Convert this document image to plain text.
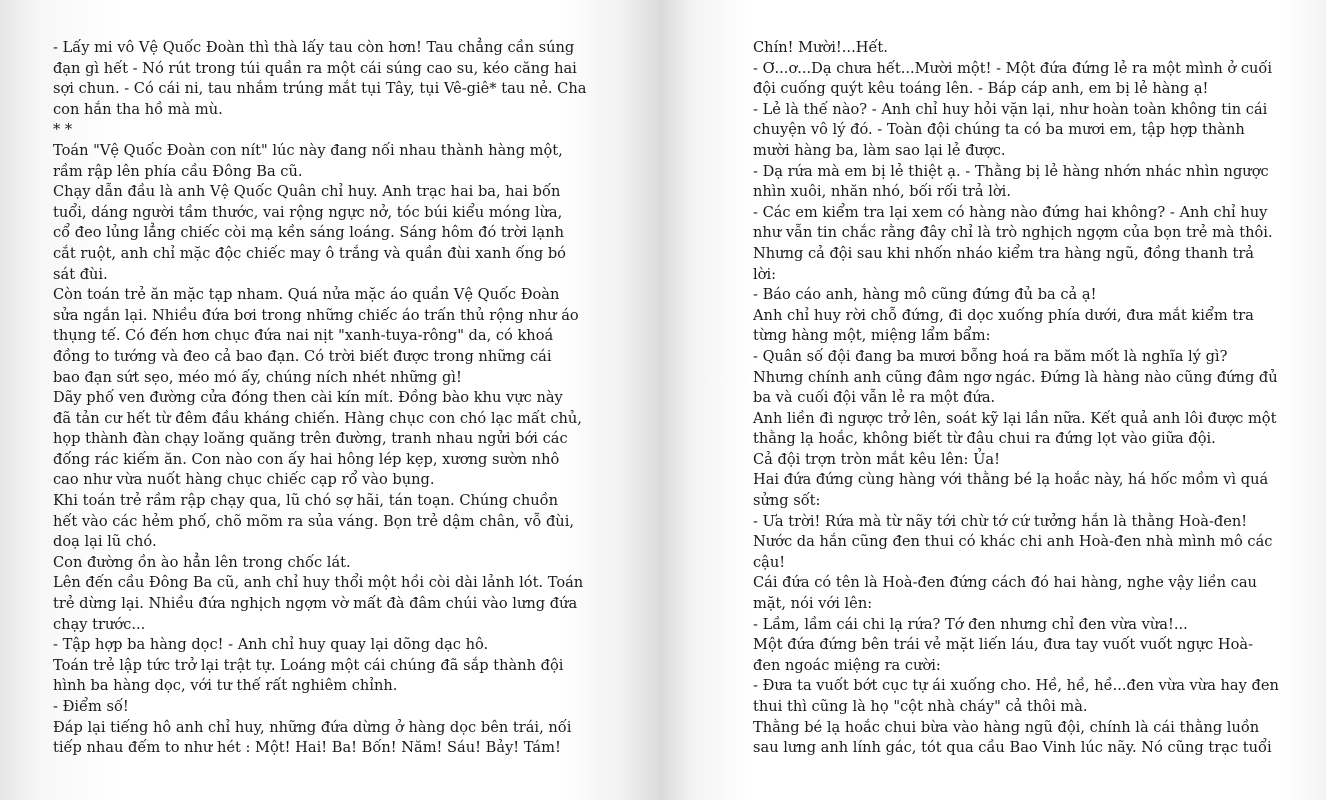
- Lấy mi vô Vệ Quốc Đoàn thì thà lấy tau còn hơn! Tau chẳng cần súng
đạn gì hết - Nó rút trong túi quần ra một cái súng cao su, kéo căng hai
sợi chun. - Có cái ni, tau nhắm trúng mắt tụi Tây, tụi Vê-giê* tau nẻ. Cha
con hắn tha hồ mà mù.
* *
Toán "Vệ Quốc Đoàn con nít" lúc này đang nối nhau thành hàng một,
rầm rập lên phía cầu Đông Ba cũ.
Chạy dẫn đầu là anh Vệ Quốc Quân chỉ huy. Anh trạc hai ba, hai bốn
tuổi, dáng người tầm thước, vai rộng ngực nở, tóc búi kiểu móng lừa,
cổ đeo lủng lẳng chiếc còi mạ kền sáng loáng. Sáng hôm đó trời lạnh
cắt ruột, anh chỉ mặc độc chiếc may ô trắng và quần đùi xanh ống bó
sát đùi.
Còn toán trẻ ăn mặc tạp nham. Quá nửa mặc áo quần Vệ Quốc Đoàn
sửa ngắn lại. Nhiều đứa bơi trong những chiếc áo trấn thủ rộng như áo
thụng tế. Có đến hơn chục đứa nai nịt "xanh-tuya-rông" da, có khoá
đồng to tướng và đeo cả bao đạn. Có trời biết được trong những cái
bao đạn sứt sẹo, méo mó ấy, chúng ních nhét những gì!
Dãy phố ven đường cửa đóng then cài kín mít. Đồng bào khu vực này
đã tản cư hết từ đêm đầu kháng chiến. Hàng chục con chó lạc mất chủ,
họp thành đàn chạy loăng quăng trên đường, tranh nhau ngửi bới các
đống rác kiếm ăn. Con nào con ấy hai hông lép kẹp, xương sườn nhô
cao như vừa nuốt hàng chục chiếc cạp rổ vào bụng.
Khi toán trẻ rầm rập chạy qua, lũ chó sợ hãi, tán toạn. Chúng chuồn
hết vào các hẻm phố, chõ mõm ra sủa váng. Bọn trẻ dậm chân, vỗ đùi,
doạ lại lũ chó.
Con đường ồn ào hẳn lên trong chốc lát.
Lên đến cầu Đông Ba cũ, anh chỉ huy thổi một hồi còi dài lảnh lót. Toán
trẻ dừng lại. Nhiều đứa nghịch ngợm vờ mất đà đâm chúi vào lưng đứa
chạy trước...
- Tập hợp ba hàng dọc! - Anh chỉ huy quay lại dõng dạc hô.
Toán trẻ lập tức trở lại trật tự. Loáng một cái chúng đã sắp thành đội
hình ba hàng dọc, với tư thế rất nghiêm chỉnh.
- Điểm số!
Đáp lại tiếng hô anh chỉ huy, những đứa dừng ở hàng dọc bên trái, nối
tiếp nhau đếm to như hét : Một! Hai! Ba! Bốn! Năm! Sáu! Bảy! Tám!
Chín! Mười!...Hết.
- Ơ...ơ...Dạ chưa hết...Mười một! - Một đứa đứng lẻ ra một mình ở cuối
đội cuống quýt kêu toáng lên. - Báp cáp anh, em bị lẻ hàng ạ!
- Lẻ là thế nào? - Anh chỉ huy hỏi vặn lại, như hoàn toàn không tin cái
chuyện vô lý đó. - Toàn đội chúng ta có ba mươi em, tập hợp thành
mười hàng ba, làm sao lại lẻ được.
- Dạ rứa mà em bị lẻ thiệt ạ. - Thằng bị lẻ hàng nhớn nhác nhìn ngược
nhìn xuôi, nhăn nhó, bối rối trả lời.
- Các em kiểm tra lại xem có hàng nào đứng hai không? - Anh chỉ huy
như vẫn tin chắc rằng đây chỉ là trò nghịch ngợm của bọn trẻ mà thôi.
Nhưng cả đội sau khi nhốn nháo kiểm tra hàng ngũ, đồng thanh trả
lời:
- Báo cáo anh, hàng mô cũng đứng đủ ba cả ạ!
Anh chỉ huy rời chỗ đứng, đi dọc xuống phía dưới, đưa mắt kiểm tra
từng hàng một, miệng lẩm bẩm:
- Quân số đội đang ba mươi bỗng hoá ra băm mốt là nghĩa lý gì?
Nhưng chính anh cũng đâm ngơ ngác. Đứng là hàng nào cũng đứng đủ
ba và cuối đội vẫn lẻ ra một đứa.
Anh liền đi ngược trở lên, soát kỹ lại lần nữa. Kết quả anh lôi được một
thằng lạ hoắc, không biết từ đâu chui ra đứng lọt vào giữa đội.
Cả đội trợn tròn mắt kêu lên: Ủa!
Hai đứa đứng cùng hàng với thằng bé lạ hoắc này, há hốc mồm vì quá
sửng sốt:
- Ưa trời! Rứa mà từ nãy tới chừ tớ cứ tưởng hắn là thằng Hoà-đen!
Nước da hắn cũng đen thui có khác chi anh Hoà-đen nhà mình mô các
cậu!
Cái đứa có tên là Hoà-đen đứng cách đó hai hàng, nghe vậy liền cau
mặt, nói với lên:
- Lầm, lầm cái chi lạ rứa? Tớ đen nhưng chỉ đen vừa vừa!...
Một đứa đứng bên trái vẻ mặt liến láu, đưa tay vuốt vuốt ngực Hoà-
đen ngoác miệng ra cười:
- Đưa ta vuốt bớt cục tự ái xuống cho. Hề, hề, hề...đen vừa vừa hay đen
thui thì cũng là họ "cột nhà cháy" cả thôi mà.
Thằng bé lạ hoắc chui bừa vào hàng ngũ đội, chính là cái thằng luồn
sau lưng anh lính gác, tót qua cầu Bao Vinh lúc nãy. Nó cũng trạc tuổi
